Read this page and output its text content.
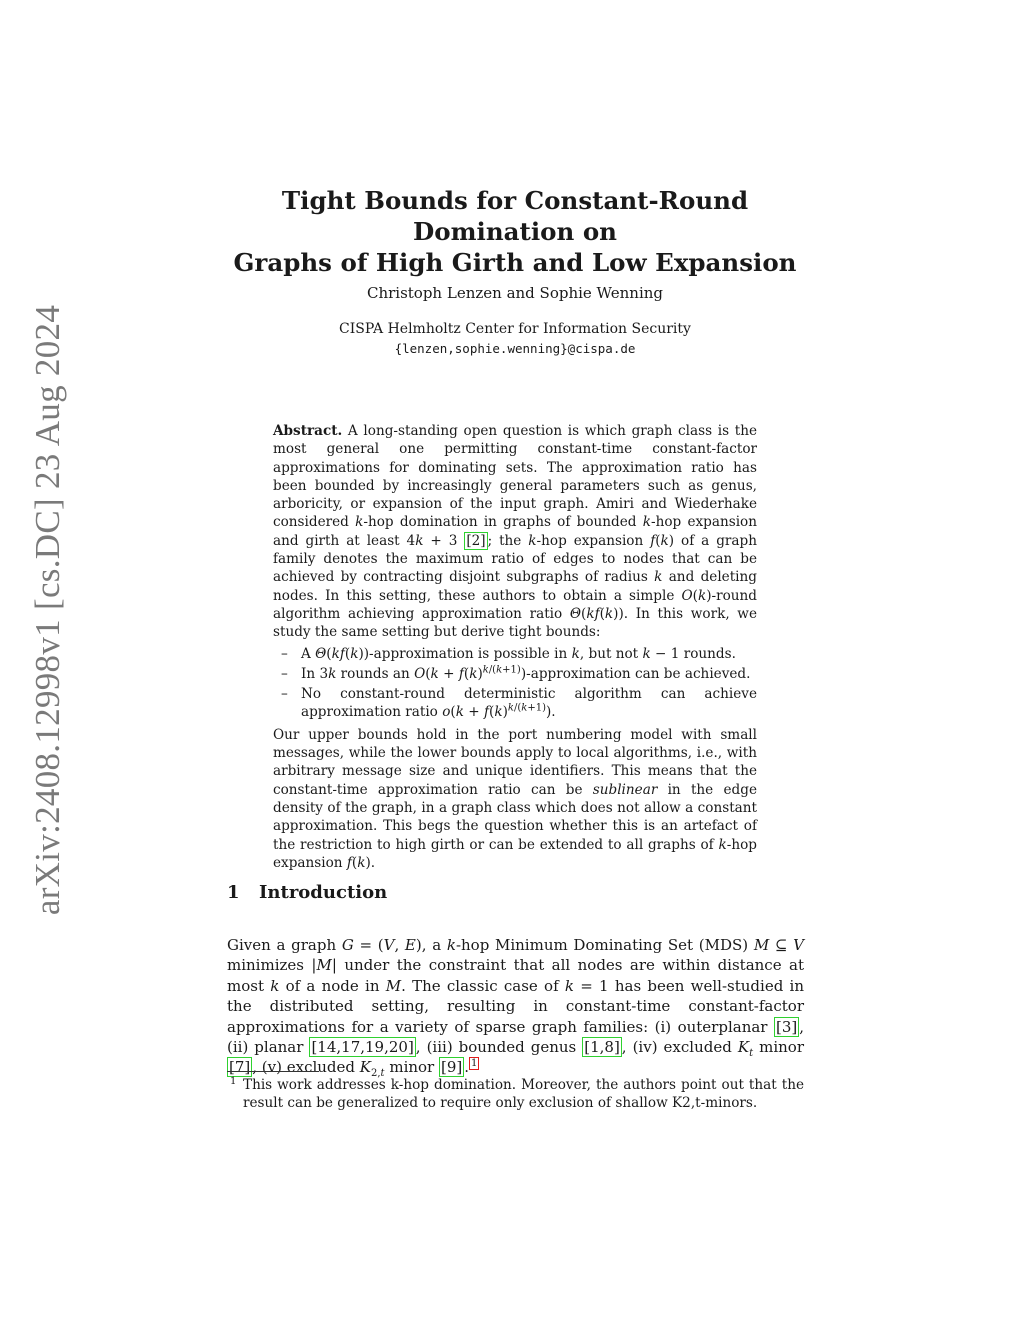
arXiv:2408.12998v1 [cs.DC] 23 Aug 2024
Tight Bounds for Constant-Round Domination on
Graphs of High Girth and Low Expansion
Christoph Lenzen and Sophie Wenning
CISPA Helmholtz Center for Information Security
{lenzen,sophie.wenning}@cispa.de

Abstract. A long-standing open question is which graph class is the most general one permitting constant-time constant-factor approximations for dominating sets. The approximation ratio has been bounded by increasingly general parameters such as genus, arboricity, or expansion of the input graph. Amiri and Wiederhake considered k-hop domination in graphs of bounded k-hop expansion and girth at least 4k + 3 [2] ; the k-hop expansion f(k) of a graph family denotes the maximum ratio of edges to nodes that can be achieved by contracting disjoint subgraphs of radius k and deleting nodes. In this setting, these authors to obtain a simple O(k)-round algorithm achieving approximation ratio Θ(kf(k)). In this work, we study the same setting but derive tight bounds:

– A Θ(kf(k))-approximation is possible in k, but not k − 1 rounds.
– In 3k rounds an $O(k + f(k)^{k/(k+1)})$-approximation can be achieved.
– No constant-round deterministic algorithm can achieve approximation ratio $o(k + f(k)^{k/(k+1)})$.

Our upper bounds hold in the port numbering model with small messages, while the lower bounds apply to local algorithms, i.e., with arbitrary message size and unique identifiers. This means that the constant-time approximation ratio can be sublinear in the edge density of the graph, in a graph class which does not allow a constant approximation. This begs the question whether this is an artefact of the restriction to high girth or can be extended to all graphs of k-hop expansion f(k).

1 Introduction

Given a graph G = (V, E), a k-hop Minimum Dominating Set (MDS) M ⊆ V minimizes |M| under the constraint that all nodes are within distance at most k of a node in M. The classic case of k = 1 has been well-studied in the distributed setting, resulting in constant-time constant-factor approximations for a variety of sparse graph families: (i) outerplanar [3] , (ii) planar [14,17,19,20] , (iii) bounded genus [1,8] , (iv) excluded $K_t$ minor [7] , (v) excluded $K_{2,t}$ minor [9] . $^1$

1 This work addresses k-hop domination. Moreover, the authors point out that the result can be generalized to require only exclusion of shallow K2,t-minors.
